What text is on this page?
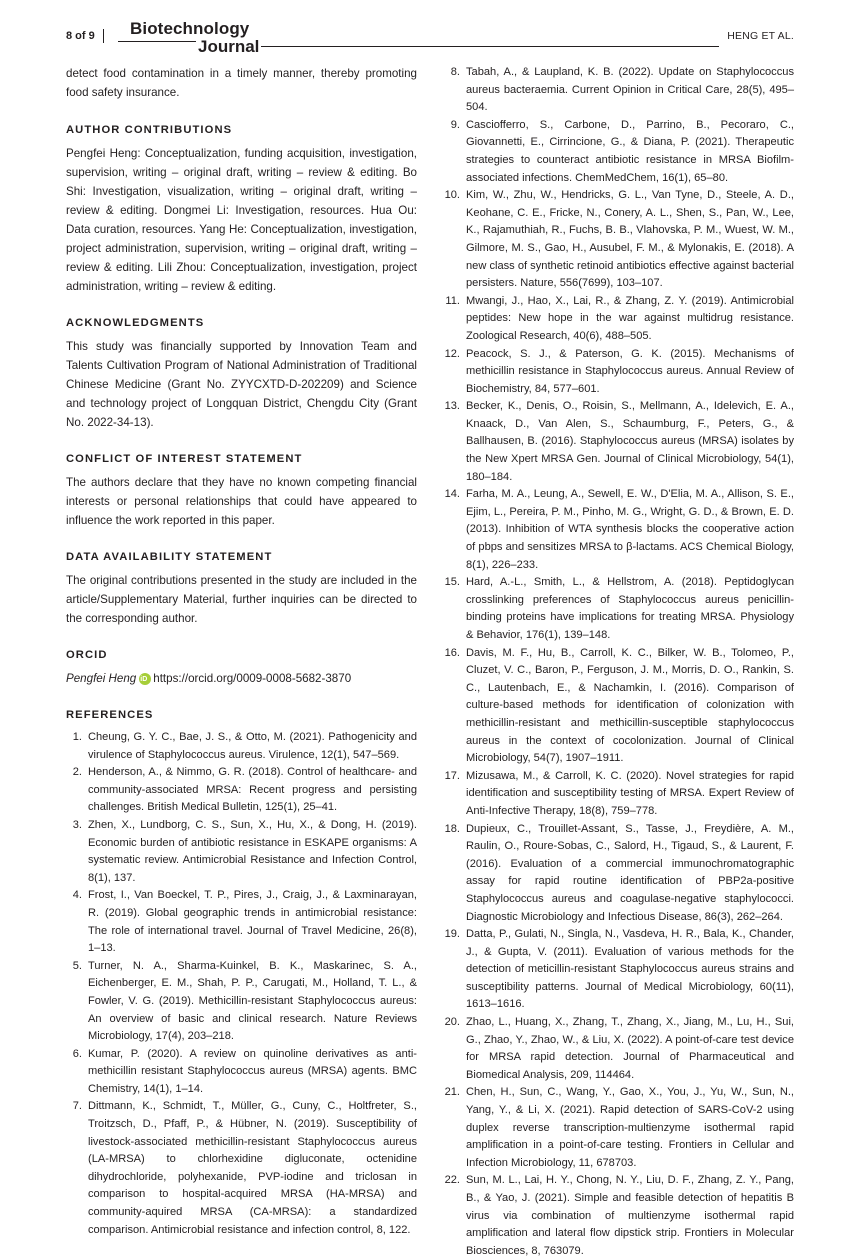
8 of 9 Biotechnology
Journal
HENG ET AL.

detect food contamination in a timely manner, thereby promoting food safety insurance.

AUTHOR CONTRIBUTIONS

Pengfei Heng: Conceptualization, funding acquisition, investigation, supervision, writing – original draft, writing – review & editing. Bo Shi: Investigation, visualization, writing – original draft, writing – review & editing. Dongmei Li: Investigation, resources. Hua Ou: Data curation, resources. Yang He: Conceptualization, investigation, project administration, supervision, writing – original draft, writing – review & editing. Lili Zhou: Conceptualization, investigation, project administration, writing – review & editing.

ACKNOWLEDGMENTS

This study was financially supported by Innovation Team and Talents Cultivation Program of National Administration of Traditional Chinese Medicine (Grant No. ZYYCXTD-D-202209) and Science and technology project of Longquan District, Chengdu City (Grant No. 2022-34-13).

CONFLICT OF INTEREST STATEMENT

The authors declare that they have no known competing financial interests or personal relationships that could have appeared to influence the work reported in this paper.

DATA AVAILABILITY STATEMENT

The original contributions presented in the study are included in the article/Supplementary Material, further inquiries can be directed to the corresponding author.

ORCID
Pengfei Heng
iD https://orcid.org/0009-0008-5682-3870
REFERENCES
1. Cheung, G. Y. C., Bae, J. S., & Otto, M. (2021). Pathogenicity and virulence of Staphylococcus aureus. Virulence, 12(1), 547–569.
2. Henderson, A., & Nimmo, G. R. (2018). Control of healthcare- and community-associated MRSA: Recent progress and persisting challenges. British Medical Bulletin, 125(1), 25–41.
3. Zhen, X., Lundborg, C. S., Sun, X., Hu, X., & Dong, H. (2019). Economic burden of antibiotic resistance in ESKAPE organisms: A systematic review. Antimicrobial Resistance and Infection Control, 8(1), 137.
4. Frost, I., Van Boeckel, T. P., Pires, J., Craig, J., & Laxminarayan, R. (2019). Global geographic trends in antimicrobial resistance: The role of international travel. Journal of Travel Medicine, 26(8), 1–13.
5. Turner, N. A., Sharma-Kuinkel, B. K., Maskarinec, S. A., Eichenberger, E. M., Shah, P. P., Carugati, M., Holland, T. L., & Fowler, V. G. (2019). Methicillin-resistant Staphylococcus aureus: An overview of basic and clinical research. Nature Reviews Microbiology, 17(4), 203–218.
6. Kumar, P. (2020). A review on quinoline derivatives as anti-methicillin resistant Staphylococcus aureus (MRSA) agents. BMC Chemistry, 14(1), 1–14.
7. Dittmann, K., Schmidt, T., Müller, G., Cuny, C., Holtfreter, S., Troitzsch, D., Pfaff, P., & Hübner, N. (2019). Susceptibility of livestock-associated methicillin-resistant Staphylococcus aureus (LA-MRSA) to chlorhexidine digluconate, octenidine dihydrochloride, polyhexanide, PVP-iodine and triclosan in comparison to hospital-acquired MRSA (HA-MRSA) and community-aquired MRSA (CA-MRSA): a standardized comparison. Antimicrobial resistance and infection control, 8, 122.
8. Tabah, A., & Laupland, K. B. (2022). Update on Staphylococcus aureus bacteraemia. Current Opinion in Critical Care, 28(5), 495–504.
9. Casciofferro, S., Carbone, D., Parrino, B., Pecoraro, C., Giovannetti, E., Cirrincione, G., & Diana, P. (2021). Therapeutic strategies to counteract antibiotic resistance in MRSA Biofilm-associated infections. ChemMedChem, 16(1), 65–80.
10. Kim, W., Zhu, W., Hendricks, G. L., Van Tyne, D., Steele, A. D., Keohane, C. E., Fricke, N., Conery, A. L., Shen, S., Pan, W., Lee, K., Rajamuthiah, R., Fuchs, B. B., Vlahovska, P. M., Wuest, W. M., Gilmore, M. S., Gao, H., Ausubel, F. M., & Mylonakis, E. (2018). A new class of synthetic retinoid antibiotics effective against bacterial persisters. Nature, 556(7699), 103–107.
11. Mwangi, J., Hao, X., Lai, R., & Zhang, Z. Y. (2019). Antimicrobial peptides: New hope in the war against multidrug resistance. Zoological Research, 40(6), 488–505.
12. Peacock, S. J., & Paterson, G. K. (2015). Mechanisms of methicillin resistance in Staphylococcus aureus. Annual Review of Biochemistry, 84, 577–601.
13. Becker, K., Denis, O., Roisin, S., Mellmann, A., Idelevich, E. A., Knaack, D., Van Alen, S., Schaumburg, F., Peters, G., & Ballhausen, B. (2016). Staphylococcus aureus (MRSA) isolates by the New Xpert MRSA Gen. Journal of Clinical Microbiology, 54(1), 180–184.
14. Farha, M. A., Leung, A., Sewell, E. W., D'Elia, M. A., Allison, S. E., Ejim, L., Pereira, P. M., Pinho, M. G., Wright, G. D., & Brown, E. D. (2013). Inhibition of WTA synthesis blocks the cooperative action of pbps and sensitizes MRSA to β-lactams. ACS Chemical Biology, 8(1), 226–233.
15. Hard, A.-L., Smith, L., & Hellstrom, A. (2018). Peptidoglycan crosslinking preferences of Staphylococcus aureus penicillin-binding proteins have implications for treating MRSA. Physiology & Behavior, 176(1), 139–148.
16. Davis, M. F., Hu, B., Carroll, K. C., Bilker, W. B., Tolomeo, P., Cluzet, V. C., Baron, P., Ferguson, J. M., Morris, D. O., Rankin, S. C., Lautenbach, E., & Nachamkin, I. (2016). Comparison of culture-based methods for identification of colonization with methicillin-resistant and methicillin-susceptible staphylococcus aureus in the context of cocolonization. Journal of Clinical Microbiology, 54(7), 1907–1911.
17. Mizusawa, M., & Carroll, K. C. (2020). Novel strategies for rapid identification and susceptibility testing of MRSA. Expert Review of Anti-Infective Therapy, 18(8), 759–778.
18. Dupieux, C., Trouillet-Assant, S., Tasse, J., Freydière, A. M., Raulin, O., Roure-Sobas, C., Salord, H., Tigaud, S., & Laurent, F. (2016). Evaluation of a commercial immunochromatographic assay for rapid routine identification of PBP2a-positive Staphylococcus aureus and coagulase-negative staphylococci. Diagnostic Microbiology and Infectious Disease, 86(3), 262–264.
19. Datta, P., Gulati, N., Singla, N., Vasdeva, H. R., Bala, K., Chander, J., & Gupta, V. (2011). Evaluation of various methods for the detection of meticillin-resistant Staphylococcus aureus strains and susceptibility patterns. Journal of Medical Microbiology, 60(11), 1613–1616.
20. Zhao, L., Huang, X., Zhang, T., Zhang, X., Jiang, M., Lu, H., Sui, G., Zhao, Y., Zhao, W., & Liu, X. (2022). A point-of-care test device for MRSA rapid detection. Journal of Pharmaceutical and Biomedical Analysis, 209, 114464.
21. Chen, H., Sun, C., Wang, Y., Gao, X., You, J., Yu, W., Sun, N., Yang, Y., & Li, X. (2021). Rapid detection of SARS-CoV-2 using duplex reverse transcription-multienzyme isothermal rapid amplification in a point-of-care testing. Frontiers in Cellular and Infection Microbiology, 11, 678703.
22. Sun, M. L., Lai, H. Y., Chong, N. Y., Liu, D. F., Zhang, Z. Y., Pang, B., & Yao, J. (2021). Simple and feasible detection of hepatitis B virus via combination of multienzyme isothermal rapid amplification and lateral flow dipstick strip. Frontiers in Molecular Biosciences, 8, 763079.
